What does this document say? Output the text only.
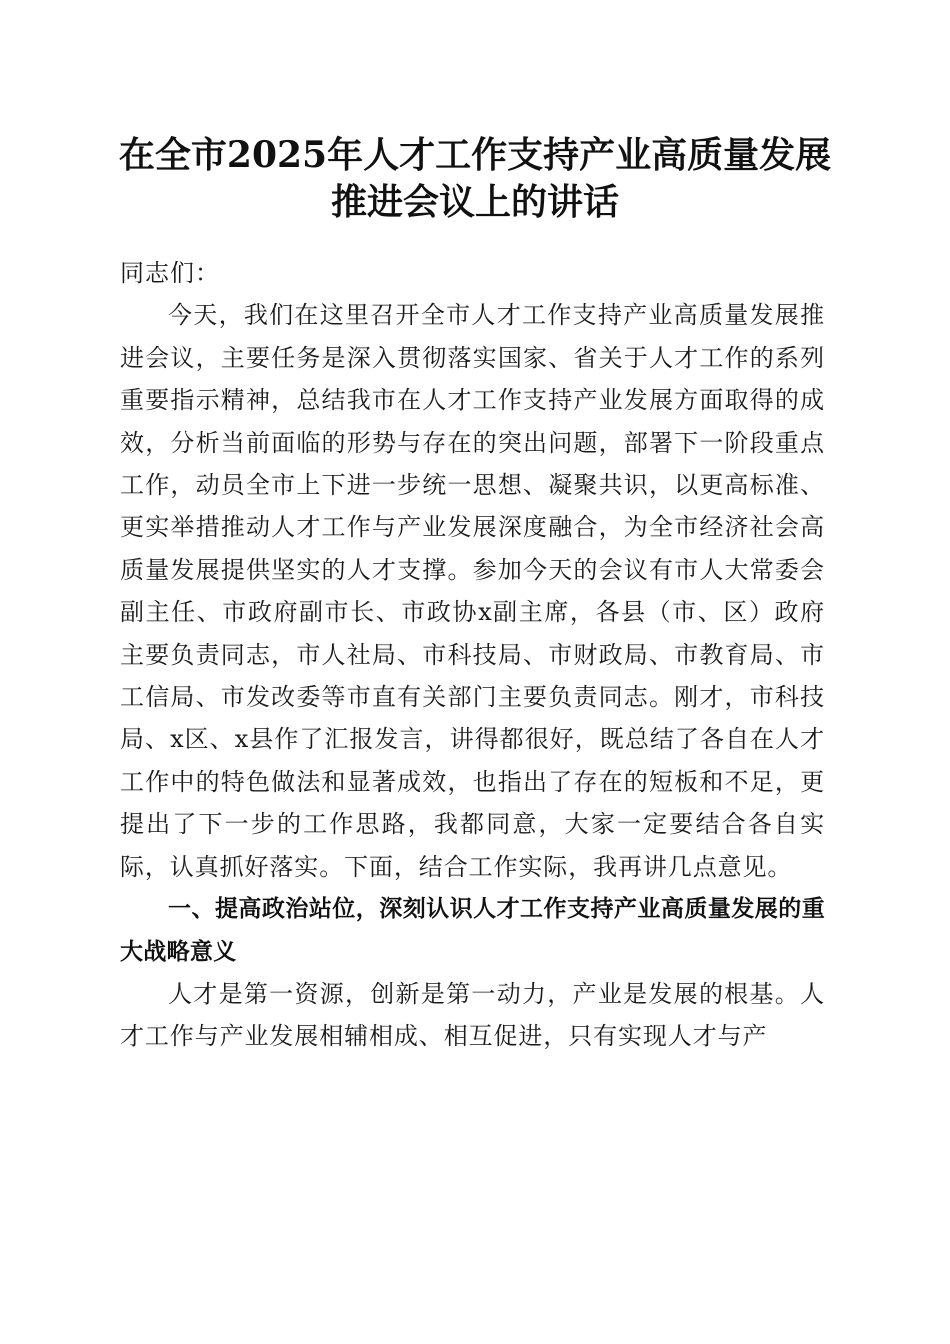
在全市2025年人才工作支持产业高质量发展
推进会议上的讲话

同志们：

今天，我们在这里召开全市人才工作支持产业高质量发展推进会议，主要任务是深入贯彻落实国家、省关于人才工作的系列重要指示精神，总结我市在人才工作支持产业发展方面取得的成效，分析当前面临的形势与存在的突出问题，部署下一阶段重点工作，动员全市上下进一步统一思想、凝聚共识，以更高标准、更实举措推动人才工作与产业发展深度融合，为全市经济社会高质量发展提供坚实的人才支撑。参加今天的会议有市人大常委会副主任、市政府副市长、市政协x副主席，各县（市、区）政府主要负责同志，市人社局、市科技局、市财政局、市教育局、市工信局、市发改委等市直有关部门主要负责同志。刚才，市科技局、x区、x县作了汇报发言，讲得都很好，既总结了各自在人才工作中的特色做法和显著成效，也指出了存在的短板和不足，更提出了下一步的工作思路，我都同意，大家一定要结合各自实际，认真抓好落实。下面，结合工作实际，我再讲几点意见。

一、提高政治站位，深刻认识人才工作支持产业高质量发展的重大战略意义

人才是第一资源，创新是第一动力，产业是发展的根基。人才工作与产业发展相辅相成、相互促进，只有实现人才与产
